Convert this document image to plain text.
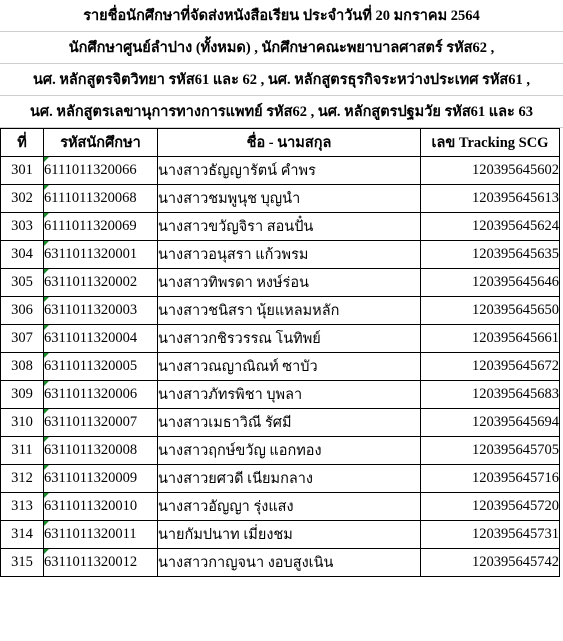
รายชื่อนักศึกษาที่จัดส่งหนังสือเรียน ประจำวันที่ 20 มกราคม 2564
นักศึกษาศูนย์ลำปาง (ทั้งหมด) , นักศึกษาคณะพยาบาลศาสตร์ รหัส62 ,
นศ. หลักสูตรจิตวิทยา รหัส61 และ 62 , นศ. หลักสูตรธุรกิจระหว่างประเทศ รหัส61 ,
นศ. หลักสูตรเลขานุการทางการแพทย์ รหัส62 , นศ. หลักสูตรปฐมวัย รหัส61 และ 63
ที่	รหัสนักศึกษา	ชื่อ - นามสกุล	เลข Tracking SCG
301	6111011320066	นางสาวธัญญารัตน์ คำพร	120395645602
302	6111011320068	นางสาวชมพูนุช บุญนำ	120395645613
303	6111011320069	นางสาวขวัญจิรา สอนปั๋น	120395645624
304	6311011320001	นางสาวอนุสรา แก้วพรม	120395645635
305	6311011320002	นางสาวทิพรดา หงษ์ร่อน	120395645646
306	6311011320003	นางสาวชนิสรา นุ้ยแหลมหลัก	120395645650
307	6311011320004	นางสาวกชิรวรรณ โนทิพย์	120395645661
308	6311011320005	นางสาวณญาณิณท์ ซาบัว	120395645672
309	6311011320006	นางสาวภัทรพิชา บุพลา	120395645683
310	6311011320007	นางสาวเมธาวิณี รัศมี	120395645694
311	6311011320008	นางสาวฤกษ์ขวัญ แอกทอง	120395645705
312	6311011320009	นางสาวยศวดี เนียมกลาง	120395645716
313	6311011320010	นางสาวอัญญา รุ่งแสง	120395645720
314	6311011320011	นายกัมปนาท เมี่ยงชม	120395645731
315	6311011320012	นางสาวกาญจนา งอบสูงเนิน	120395645742
